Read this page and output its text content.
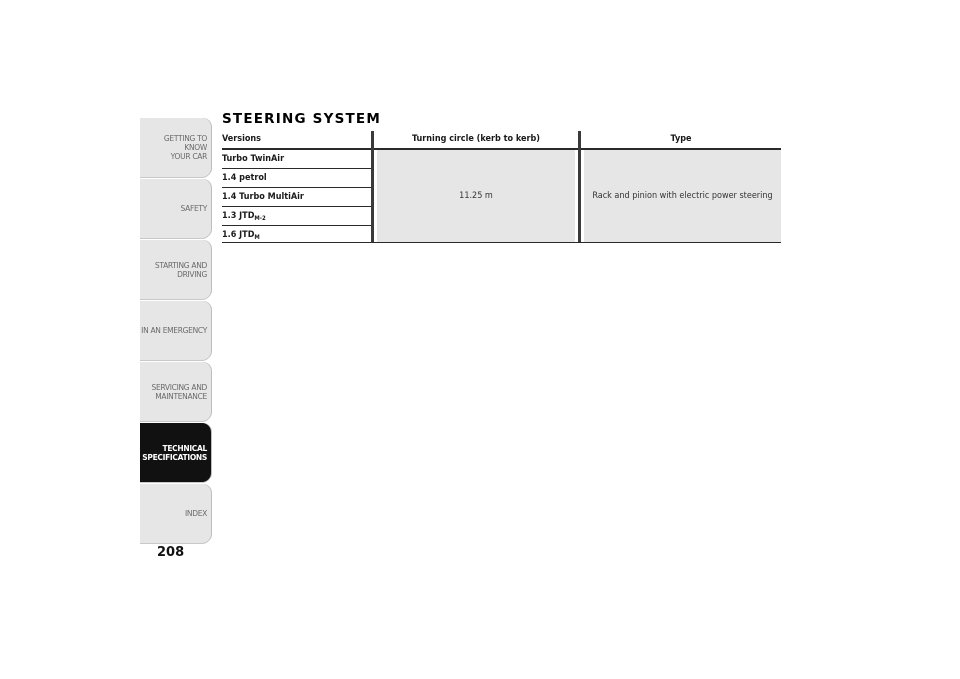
GETTING TO KNOW
YOUR CAR
SAFETY
STARTING AND
DRIVING
IN AN EMERGENCY
SERVICING AND
MAINTENANCE
TECHNICAL
SPECIFICATIONS
INDEX
208
STEERING SYSTEM
Versions	Turning circle (kerb to kerb)	Type
Turbo TwinAir
1.4 petrol
1.4 Turbo MultiAir
1.3 $JTD_{M-2}$
1.6 $JTD_M$
11.25 m	Rack and pinion with electric power steering
